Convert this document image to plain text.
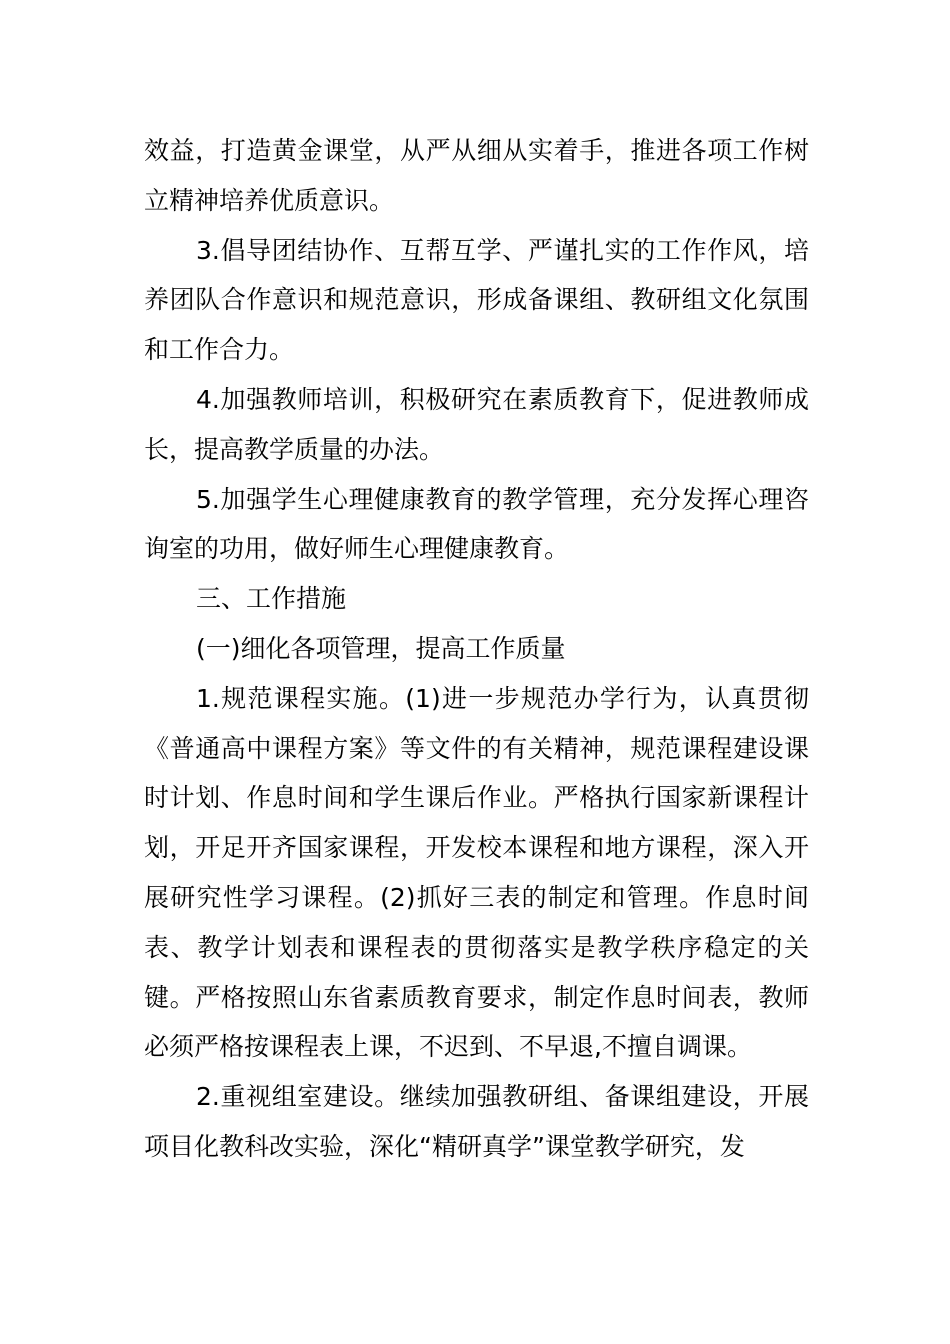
效益，打造黄金课堂，从严从细从实着手，推进各项工作树立精神培养优质意识。

3.倡导团结协作、互帮互学、严谨扎实的工作作风，培养团队合作意识和规范意识，形成备课组、教研组文化氛围和工作合力。

4.加强教师培训，积极研究在素质教育下，促进教师成长，提高教学质量的办法。

5.加强学生心理健康教育的教学管理，充分发挥心理咨询室的功用，做好师生心理健康教育。

三、工作措施

(一)细化各项管理，提高工作质量

1.规范课程实施。(1)进一步规范办学行为，认真贯彻《普通高中课程方案》等文件的有关精神，规范课程建设课时计划、作息时间和学生课后作业。严格执行国家新课程计划，开足开齐国家课程，开发校本课程和地方课程，深入开展研究性学习课程。(2)抓好三表的制定和管理。作息时间表、教学计划表和课程表的贯彻落实是教学秩序稳定的关键。严格按照山东省素质教育要求，制定作息时间表，教师必须严格按课程表上课，不迟到、不早退,不擅自调课。

2.重视组室建设。继续加强教研组、备课组建设，开展项目化教科改实验，深化“精研真学”课堂教学研究，发
